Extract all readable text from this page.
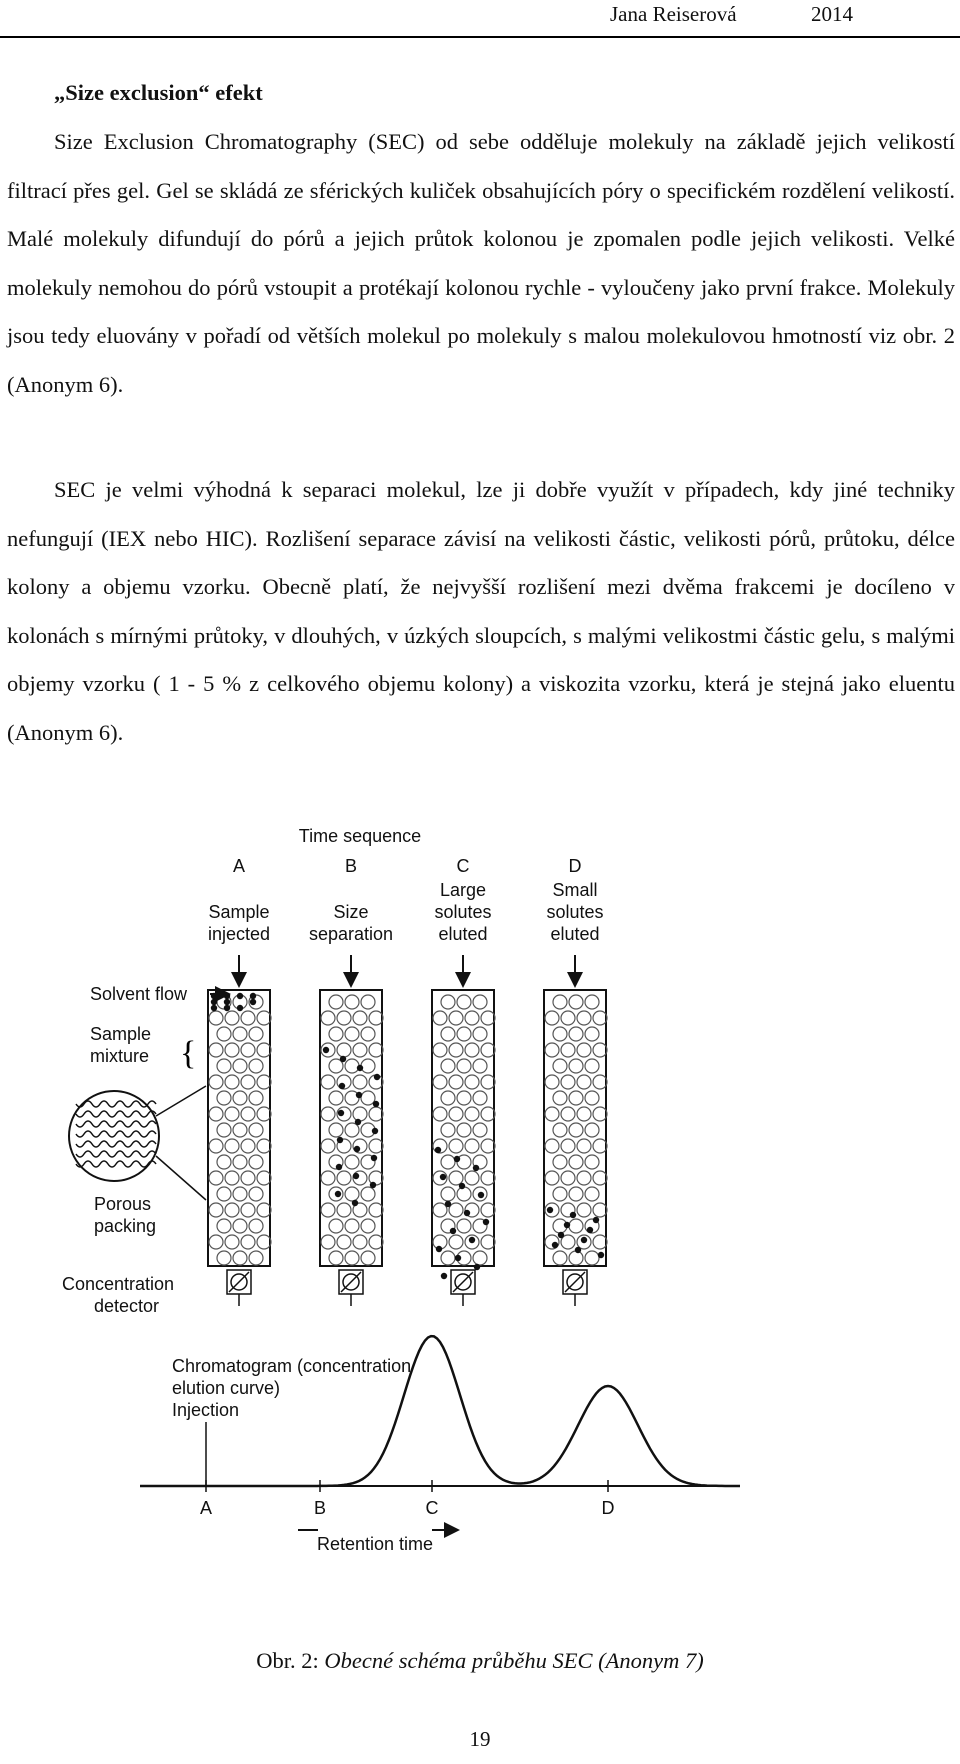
Jana Reiserová	2014
„Size exclusion“ efekt

Size Exclusion Chromatography (SEC) od sebe odděluje molekuly na základě jejich velikostí filtrací přes gel. Gel se skládá ze sférických kuliček obsahujících póry o specifickém rozdělení velikostí. Malé molekuly difundují do pórů a jejich průtok kolonou je zpomalen podle jejich velikosti. Velké molekuly nemohou do pórů vstoupit a protékají kolonou rychle - vyloučeny jako první frakce. Molekuly jsou tedy eluovány v pořadí od větších molekul po molekuly s malou molekulovou hmotností viz obr. 2 (Anonym 6).

SEC je velmi výhodná k separaci molekul, lze ji dobře využít v případech, kdy jiné techniky nefungují (IEX nebo HIC). Rozlišení separace závisí na velikosti částic, velikosti pórů, průtoku, délce kolony a objemu vzorku. Obecně platí, že nejvyšší rozlišení mezi dvěma frakcemi je docíleno v kolonách s mírnými průtoky, v dlouhých, v úzkých sloupcích, s malými velikostmi částic gelu, s malými objemy vzorku ( 1 - 5 % z celkového objemu kolony) a viskozita vzorku, která je stejná jako eluentu (Anonym 6).

Time sequence
A
Sample
injected
B
Size
separation
C
Large
solutes
eluted
D
Small
solutes
eluted
Solvent flow
Sample
mixture {
Porous
packing
Concentration
detector
Chromatogram (concentration
elution curve)
Injection
A	B	C	D
Retention time
Obr. 2: Obecné schéma průběhu SEC (Anonym 7)
19
